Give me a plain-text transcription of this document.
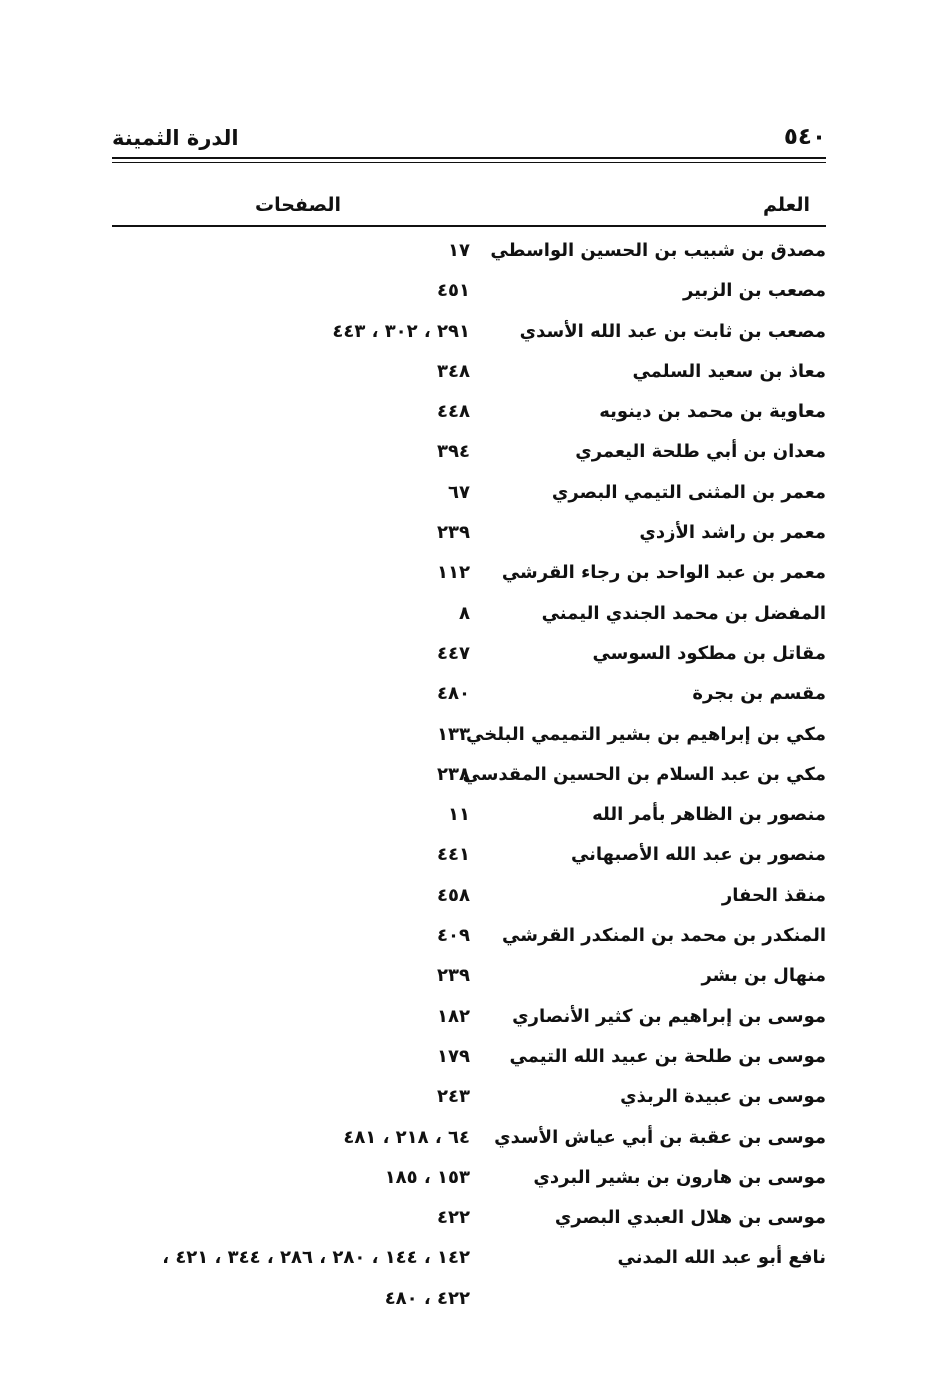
الدرة الثمينة	٥٤٠
العلم
الصفحات
مصدق بن شبيب بن الحسين الواسطي
١٧
مصعب بن الزبير
٤٥١
مصعب بن ثابت بن عبد الله الأسدي
٢٩١ ، ٣٠٢ ، ٤٤٣
معاذ بن سعيد السلمي
٣٤٨
معاوية بن محمد بن دينويه
٤٤٨
معدان بن أبي طلحة اليعمري
٣٩٤
معمر بن المثنى التيمي البصري
٦٧
معمر بن راشد الأزدي
٢٣٩
معمر بن عبد الواحد بن رجاء القرشي
١١٢
المفضل بن محمد الجندي اليمني
٨
مقاتل بن مطكود السوسي
٤٤٧
مقسم بن بجرة
٤٨٠
مكي بن إبراهيم بن بشير التميمي البلخي
١٣٣
مكي بن عبد السلام بن الحسين المقدسي
٢٣٨
منصور بن الظاهر بأمر الله
١١
منصور بن عبد الله الأصبهاني
٤٤١
منقذ الحفار
٤٥٨
المنكدر بن محمد بن المنكدر القرشي
٤٠٩
منهال بن بشر
٢٣٩
موسى بن إبراهيم بن كثير الأنصاري
١٨٢
موسى بن طلحة بن عبيد الله التيمي
١٧٩
موسى بن عبيدة الربذي
٢٤٣
موسى بن عقبة بن أبي عياش الأسدي
٦٤ ، ٢١٨ ، ٤٨١
موسى بن هارون بن بشير البردي
١٥٣ ، ١٨٥
موسى بن هلال العبدي البصري
٤٢٢
نافع أبو عبد الله المدني
١٤٢ ، ١٤٤ ، ٢٨٠ ، ٢٨٦ ، ٣٤٤ ، ٤٢١ ،
٤٢٢ ، ٤٨٠
